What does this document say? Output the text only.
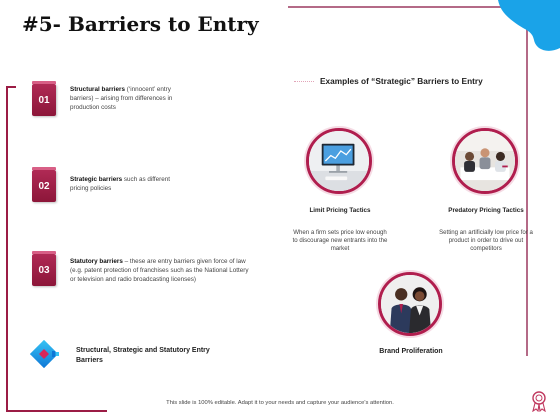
#5- Barriers to Entry
01
Structural barriers (‘innocent’ entry barriers) – arising from differences in production costs
02
Strategic barriers such as different pricing policies
03
Statutory barriers – these are entry barriers given force of law (e.g. patent protection of franchises such as the National Lottery or television and radio broadcasting licenses)
Structural, Strategic and Statutory Entry Barriers
Examples of “Strategic” Barriers to Entry
Limit Pricing Tactics
When a firm sets price low enough to discourage new entrants into the market
Predatory Pricing Tactics
Setting an artificially low price for a product in order to drive out competitors
Brand Proliferation
This slide is 100% editable. Adapt it to your needs and capture your audience's attention.
